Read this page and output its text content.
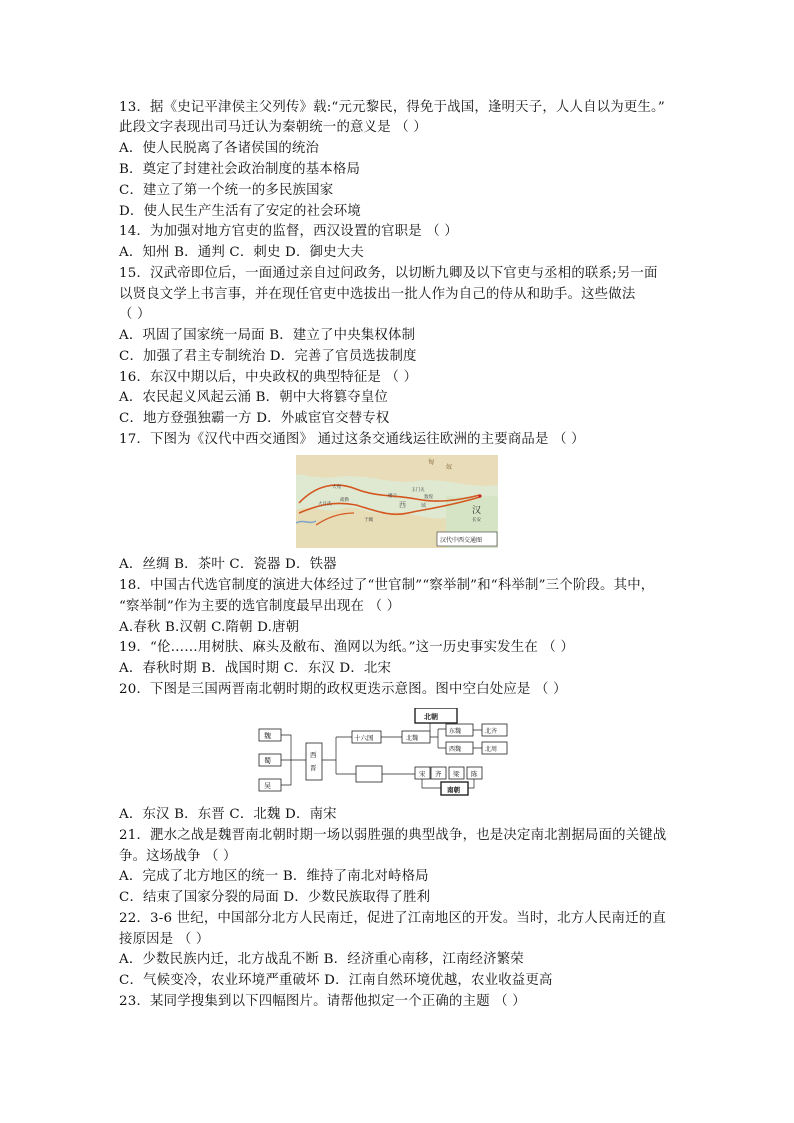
13．据《史记平津侯主父列传》载:“元元黎民，得免于战国，逢明天子，人人自以为更生。”
此段文字表现出司马迁认为秦朝统一的意义是 （ ）
A．使人民脱离了各诸侯国的统治
B．奠定了封建社会政治制度的基本格局
C．建立了第一个统一的多民族国家
D．使人民生产生活有了安定的社会环境
14．为加强对地方官吏的监督，西汉设置的官职是 （ ）
A．知州 B．通判 C．刺史 D．御史大夫
15．汉武帝即位后，一面通过亲自过问政务，以切断九卿及以下官吏与丞相的联系;另一面
以贤良文学上书言事，并在现任官吏中选拔出一批人作为自己的侍从和助手。这些做法
（ ）
A．巩固了国家统一局面 B．建立了中央集权体制
C．加强了君主专制统治 D．完善了官员选拔制度
16．东汉中期以后，中央政权的典型特征是 （ ）
A．农民起义风起云涌 B．朝中大将篡夺皇位
C．地方登强独霸一方 D．外戚宦官交替专权
17．下图为《汉代中西交通图》 通过这条交通线运往欧洲的主要商品是 （ ）
匈
奴
西	域	汉
大宛
大月氏
疏勒
玉门关
楼兰	敦煌
于阗	长安
汉代中西交通图
A．丝绸 B．茶叶 C．瓷器 D．铁器
18．中国古代选官制度的演进大体经过了“世官制”“察举制”和“科举制”三个阶段。其中，
“察举制”作为主要的选官制度最早出现在 （ ）
A.春秋 B.汉朝 C.隋朝 D.唐朝
19．“伦……用树肤、麻头及敝布、渔网以为纸。”这一历史事实发生在 （ ）
A．春秋时期 B．战国时期 C．东汉 D．北宋
20．下图是三国两晋南北朝时期的政权更迭示意图。图中空白处应是 （ ）
魏
蜀
吴
西
晋
十六国	北魏
北朝
东魏
西魏
北齐
北周
宋 齐 梁 陈
南朝
A．东汉 B．东晋 C．北魏 D．南宋
21．淝水之战是魏晋南北朝时期一场以弱胜强的典型战争，也是决定南北割据局面的关键战
争。这场战争 （ ）
A．完成了北方地区的统一 B．维持了南北对峙格局
C．结束了国家分裂的局面 D．少数民族取得了胜利
22．3-6 世纪，中国部分北方人民南迁，促进了江南地区的开发。当时，北方人民南迁的直
接原因是 （ ）
A．少数民族内迁，北方战乱不断 B．经济重心南移，江南经济繁荣
C．气候变冷，农业环境严重破坏 D．江南自然环境优越，农业收益更高
23．某同学搜集到以下四幅图片。请帮他拟定一个正确的主题 （ ）
